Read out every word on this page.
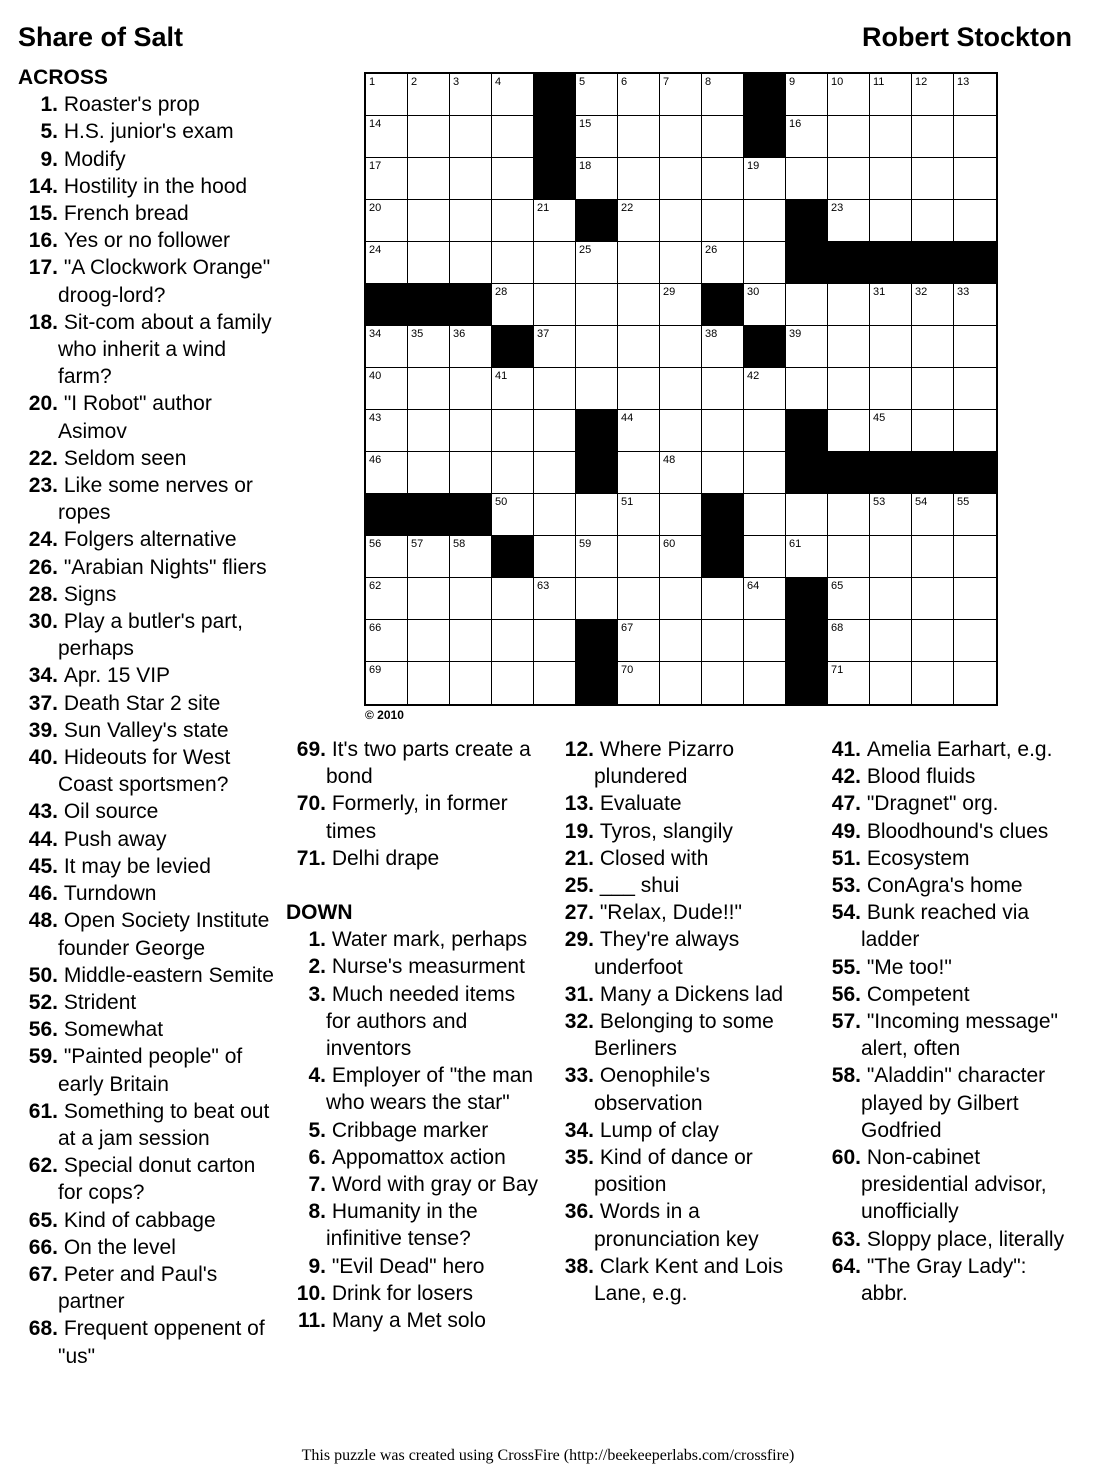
Share of Salt	Robert Stockton
ACROSS
1. Roaster's prop
5. H.S. junior's exam
9. Modify
14. Hostility in the hood
15. French bread
16. Yes or no follower
17. "A Clockwork Orange" droog-lord?
18. Sit-com about a family who inherit a wind farm?
20. "I Robot" author Asimov
22. Seldom seen
23. Like some nerves or ropes
24. Folgers alternative
26. "Arabian Nights" fliers
28. Signs
30. Play a butler's part, perhaps
34. Apr. 15 VIP
37. Death Star 2 site
39. Sun Valley's state
40. Hideouts for West Coast sportsmen?
43. Oil source
44. Push away
45. It may be levied
46. Turndown
48. Open Society Institute founder George
50. Middle-eastern Semite
52. Strident
56. Somewhat
59. "Painted people" of early Britain
61. Something to beat out at a jam session
62. Special donut carton for cops?
65. Kind of cabbage
66. On the level
67. Peter and Paul's partner
68. Frequent oppenent of "us"
1	2	3	4	5	6	7	8	9	10	11	12	13
14	15	16
17	18	19
20	21	22	23
24	25	26	27
28	29	30	31	32	33
34	35	36	37	38	39
40	41	42
43	44	45
46	47	48	49
50	51	52	53	54	55
56	57	58	59	60	61
62	63	64	65
66	67	68
69	70	71
© 2010
69. It's two parts create a bond
70. Formerly, in former times
71. Delhi drape
DOWN
1. Water mark, perhaps
2. Nurse's measurment
3. Much needed items for authors and inventors
4. Employer of "the man who wears the star"
5. Cribbage marker
6. Appomattox action
7. Word with gray or Bay
8. Humanity in the infinitive tense?
9. "Evil Dead" hero
10. Drink for losers
11. Many a Met solo
12. Where Pizarro plundered
13. Evaluate
19. Tyros, slangily
21. Closed with
25. ___ shui
27. "Relax, Dude!!"
29. They're always underfoot
31. Many a Dickens lad
32. Belonging to some Berliners
33. Oenophile's observation
34. Lump of clay
35. Kind of dance or position
36. Words in a pronunciation key
38. Clark Kent and Lois Lane, e.g.
41. Amelia Earhart, e.g.
42. Blood fluids
47. "Dragnet" org.
49. Bloodhound's clues
51. Ecosystem
53. ConAgra's home
54. Bunk reached via ladder
55. "Me too!"
56. Competent
57. "Incoming message" alert, often
58. "Aladdin" character played by Gilbert Godfried
60. Non-cabinet presidential advisor, unofficially
63. Sloppy place, literally
64. "The Gray Lady": abbr.
This puzzle was created using CrossFire (http://beekeeperlabs.com/crossfire)
